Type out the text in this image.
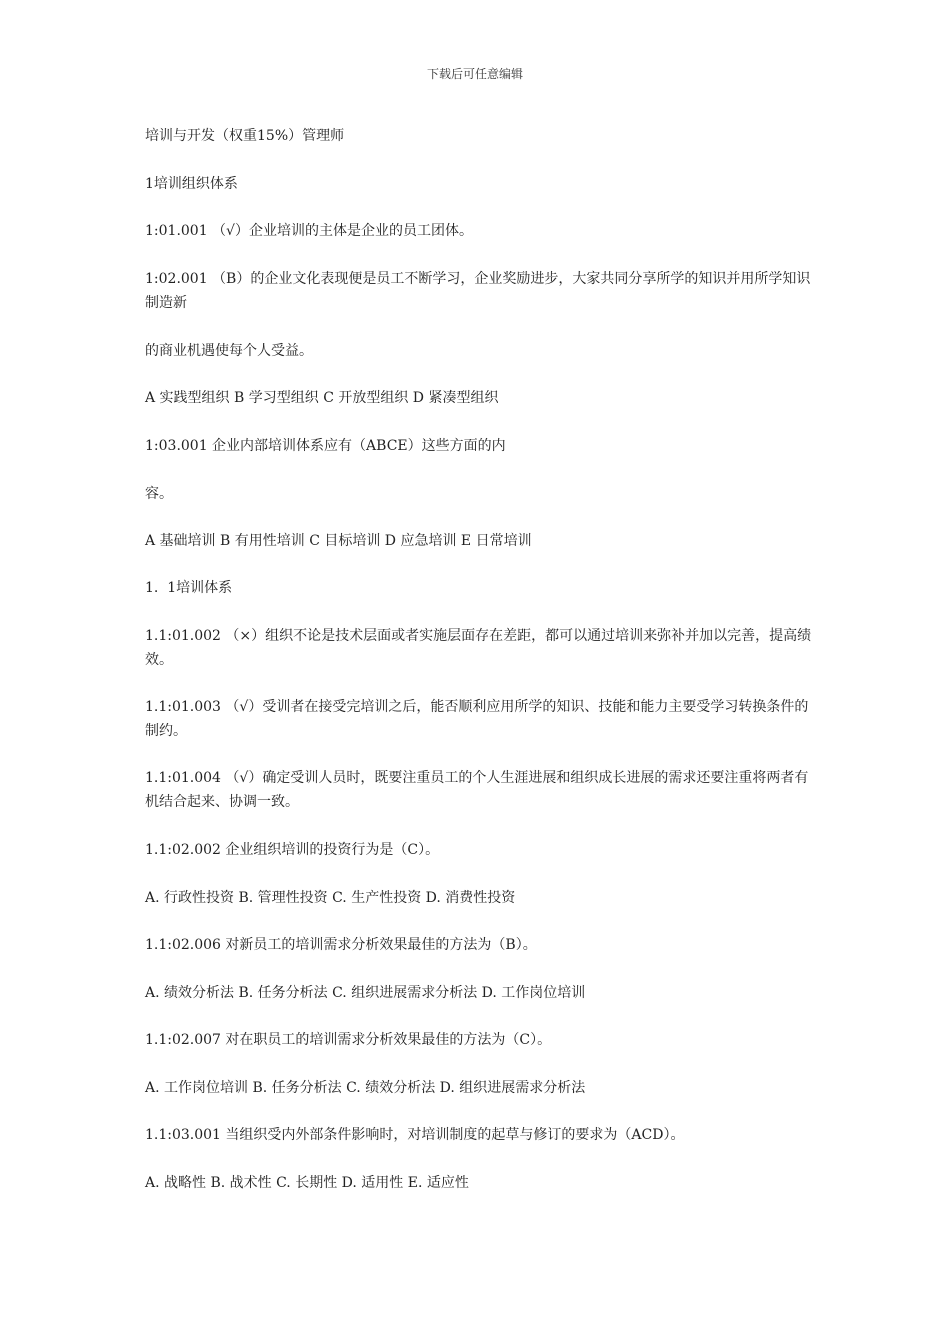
下载后可任意编辑

培训与开发（权重15%）管理师

1培训组织体系

1:01.001 （√）企业培训的主体是企业的员工团体。

1:02.001 （B）的企业文化表现便是员工不断学习，企业奖励进步，大家共同分享所学的知识并用所学知识制造新

的商业机遇使每个人受益。

A 实践型组织 B 学习型组织 C 开放型组织 D 紧凑型组织

1:03.001 企业内部培训体系应有（ABCE）这些方面的内

容。

A 基础培训 B 有用性培训 C 目标培训 D 应急培训 E 日常培训

1.  1培训体系

1.1:01.002 （×）组织不论是技术层面或者实施层面存在差距，都可以通过培训来弥补并加以完善，提高绩效。

1.1:01.003 （√）受训者在接受完培训之后，能否顺利应用所学的知识、技能和能力主要受学习转换条件的制约。

1.1:01.004 （√）确定受训人员时，既要注重员工的个人生涯进展和组织成长进展的需求还要注重将两者有机结合起来、协调一致。

1.1:02.002 企业组织培训的投资行为是（C）。

A. 行政性投资 B. 管理性投资 C. 生产性投资 D. 消费性投资

1.1:02.006 对新员工的培训需求分析效果最佳的方法为（B）。

A. 绩效分析法 B. 任务分析法 C. 组织进展需求分析法 D. 工作岗位培训

1.1:02.007 对在职员工的培训需求分析效果最佳的方法为（C）。

A. 工作岗位培训 B. 任务分析法 C. 绩效分析法 D. 组织进展需求分析法

1.1:03.001 当组织受内外部条件影响时，对培训制度的起草与修订的要求为（ACD）。

A. 战略性 B. 战术性 C. 长期性 D. 适用性 E. 适应性
